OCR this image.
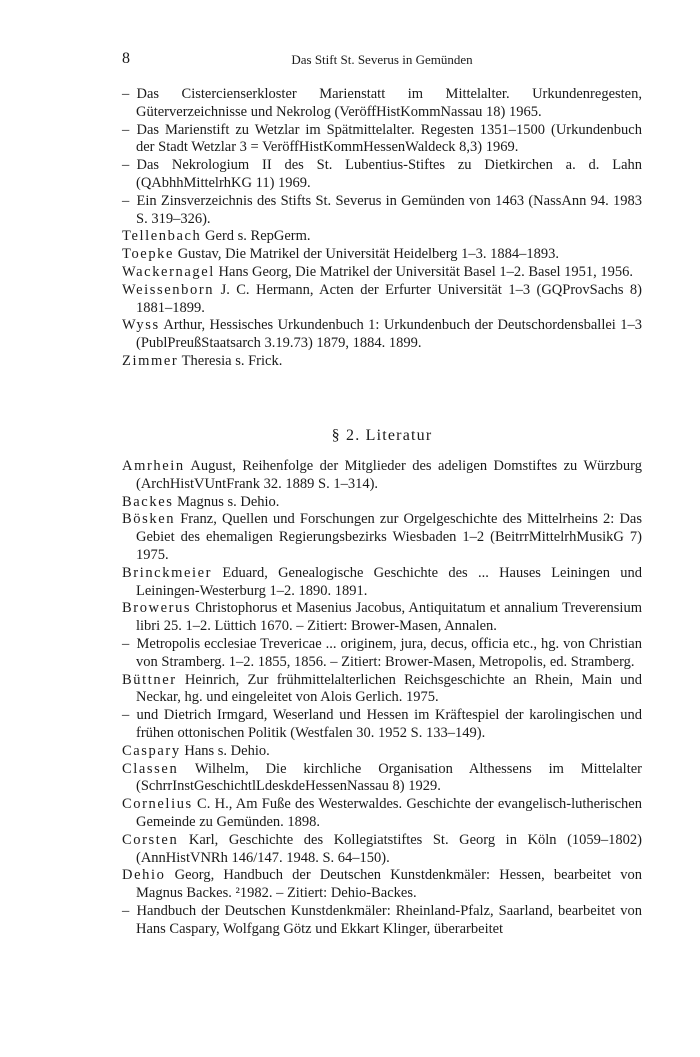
8	Das Stift St. Severus in Gemünden
–  Das Cistercienserkloster Marienstatt im Mittelalter. Urkundenregesten, Güterverzeichnisse und Nekrolog (VeröffHistKommNassau 18) 1965.
–  Das Marienstift zu Wetzlar im Spätmittelalter. Regesten 1351–1500 (Urkundenbuch der Stadt Wetzlar 3 = VeröffHistKommHessenWaldeck 8,3) 1969.
–  Das Nekrologium II des St. Lubentius-Stiftes zu Dietkirchen a. d. Lahn (QAbhhMittelrhKG 11) 1969.
–  Ein Zinsverzeichnis des Stifts St. Severus in Gemünden von 1463 (NassAnn 94. 1983 S. 319–326).
Tellenbach Gerd s. RepGerm.
Toepke Gustav, Die Matrikel der Universität Heidelberg 1–3. 1884–1893.
Wackernagel Hans Georg, Die Matrikel der Universität Basel 1–2. Basel 1951, 1956.
Weissenborn J. C. Hermann, Acten der Erfurter Universität 1–3 (GQProvSachs 8) 1881–1899.
Wyss Arthur, Hessisches Urkundenbuch 1: Urkundenbuch der Deutschordensballei 1–3 (PublPreußStaatsarch 3.19.73) 1879, 1884. 1899.
Zimmer Theresia s. Frick.
§ 2. Literatur
Amrhein August, Reihenfolge der Mitglieder des adeligen Domstiftes zu Würzburg (ArchHistVUntFrank 32. 1889 S. 1–314).
Backes Magnus s. Dehio.
Bösken Franz, Quellen und Forschungen zur Orgelgeschichte des Mittelrheins 2: Das Gebiet des ehemaligen Regierungsbezirks Wiesbaden 1–2 (BeitrrMittelrhMusikG 7) 1975.
Brinckmeier Eduard, Genealogische Geschichte des ... Hauses Leiningen und Leiningen-Westerburg 1–2. 1890. 1891.
Browerus Christophorus et Masenius Jacobus, Antiquitatum et annalium Treverensium libri 25. 1–2. Lüttich 1670. – Zitiert: Brower-Masen, Annalen.
–  Metropolis ecclesiae Trevericae ... originem, jura, decus, officia etc., hg. von Christian von Stramberg. 1–2. 1855, 1856. – Zitiert: Brower-Masen, Metropolis, ed. Stramberg.
Büttner Heinrich, Zur frühmittelalterlichen Reichsgeschichte an Rhein, Main und Neckar, hg. und eingeleitet von Alois Gerlich. 1975.
–  und Dietrich Irmgard, Weserland und Hessen im Kräftespiel der karolingischen und frühen ottonischen Politik (Westfalen 30. 1952 S. 133–149).
Caspary Hans s. Dehio.
Classen Wilhelm, Die kirchliche Organisation Althessens im Mittelalter (SchrrInstGeschichtlLdeskdeHessenNassau 8) 1929.
Cornelius C. H., Am Fuße des Westerwaldes. Geschichte der evangelisch-lutherischen Gemeinde zu Gemünden. 1898.
Corsten Karl, Geschichte des Kollegiatstiftes St. Georg in Köln (1059–1802) (AnnHistVNRh 146/147. 1948. S. 64–150).
Dehio Georg, Handbuch der Deutschen Kunstdenkmäler: Hessen, bearbeitet von Magnus Backes. ²1982. – Zitiert: Dehio-Backes.
–  Handbuch der Deutschen Kunstdenkmäler: Rheinland-Pfalz, Saarland, bearbeitet von Hans Caspary, Wolfgang Götz und Ekkart Klinger, überarbeitet
